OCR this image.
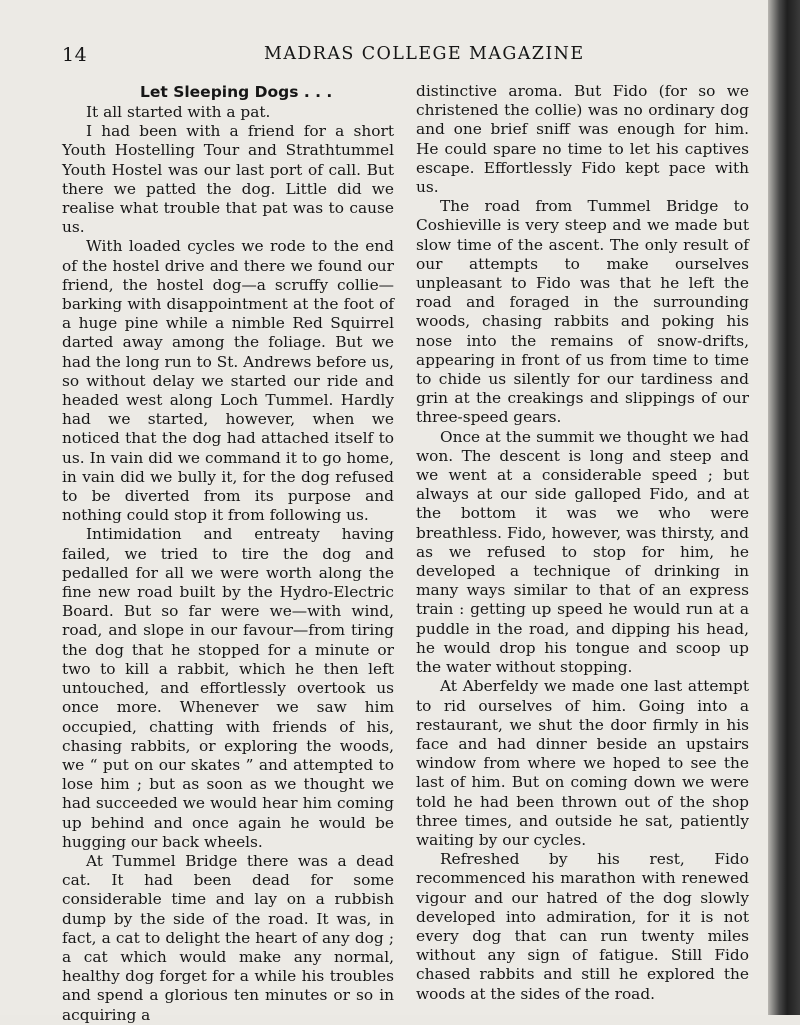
14	MADRAS COLLEGE MAGAZINE
Let Sleeping Dogs . . .

It all started with a pat.

I had been with a friend for a short Youth Hostelling Tour and Strathtummel Youth Hostel was our last port of call. But there we patted the dog. Little did we realise what trouble that pat was to cause us.

With loaded cycles we rode to the end of the hostel drive and there we found our friend, the hostel dog—a scruffy collie—barking with disappointment at the foot of a huge pine while a nimble Red Squirrel darted away among the foliage. But we had the long run to St. Andrews before us, so without delay we started our ride and headed west along Loch Tummel. Hardly had we started, however, when we noticed that the dog had attached itself to us. In vain did we command it to go home, in vain did we bully it, for the dog refused to be diverted from its purpose and nothing could stop it from following us.

Intimidation and entreaty having failed, we tried to tire the dog and pedalled for all we were worth along the fine new road built by the Hydro-Electric Board. But so far were we—with wind, road, and slope in our favour—from tiring the dog that he stopped for a minute or two to kill a rabbit, which he then left untouched, and effortlessly overtook us once more. Whenever we saw him occupied, chatting with friends of his, chasing rabbits, or exploring the woods, we “ put on our skates ” and attempted to lose him ; but as soon as we thought we had succeeded we would hear him coming up behind and once again he would be hugging our back wheels.

At Tummel Bridge there was a dead cat. It had been dead for some considerable time and lay on a rubbish dump by the side of the road. It was, in fact, a cat to delight the heart of any dog ; a cat which would make any normal, healthy dog forget for a while his troubles and spend a glorious ten minutes or so in acquiring a

distinctive aroma. But Fido (for so we christened the collie) was no ordinary dog and one brief sniff was enough for him. He could spare no time to let his captives escape. Effortlessly Fido kept pace with us.

The road from Tummel Bridge to Coshieville is very steep and we made but slow time of the ascent. The only result of our attempts to make ourselves unpleasant to Fido was that he left the road and foraged in the surrounding woods, chasing rabbits and poking his nose into the remains of snow-drifts, appearing in front of us from time to time to chide us silently for our tardiness and grin at the creakings and slippings of our three-speed gears.

Once at the summit we thought we had won. The descent is long and steep and we went at a considerable speed ; but always at our side galloped Fido, and at the bottom it was we who were breathless. Fido, however, was thirsty, and as we refused to stop for him, he developed a technique of drinking in many ways similar to that of an express train : getting up speed he would run at a puddle in the road, and dipping his head, he would drop his tongue and scoop up the water without stopping.

At Aberfeldy we made one last attempt to rid ourselves of him. Going into a restaurant, we shut the door firmly in his face and had dinner beside an upstairs window from where we hoped to see the last of him. But on coming down we were told he had been thrown out of the shop three times, and outside he sat, patiently waiting by our cycles.

Refreshed by his rest, Fido recommenced his marathon with renewed vigour and our hatred of the dog slowly developed into admiration, for it is not every dog that can run twenty miles without any sign of fatigue. Still Fido chased rabbits and still he explored the woods at the sides of the road.
